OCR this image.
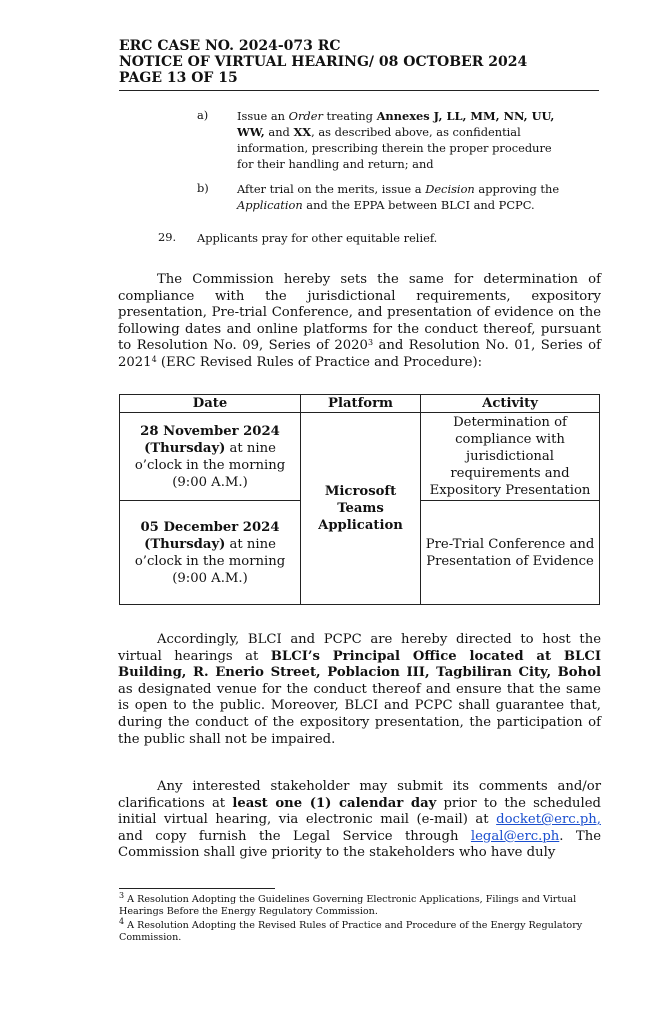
ERC CASE NO. 2024-073 RC
NOTICE OF VIRTUAL HEARING/ 08 OCTOBER 2024
PAGE 13 OF 15
a)	Issue an Order treating Annexes J, LL, MM, NN, UU, WW, and XX, as described above, as confidential information, prescribing therein the proper procedure for their handling and return; and
b) After trial on the merits, issue a Decision approving the Application and the EPPA between BLCI and PCPC.
29. Applicants pray for other equitable relief.

The Commission hereby sets the same for determination of compliance with the jurisdictional requirements, expository presentation, Pre-trial Conference, and presentation of evidence on the following dates and online platforms for the conduct thereof, pursuant to Resolution No. 09, Series of 2020$^3$ and Resolution No. 01, Series of 2021$^4$ (ERC Revised Rules of Practice and Procedure):

Date	Platform	Activity
28 November 2024 (Thursday) at nine o’clock in the morning (9:00 A.M.)	Microsoft Teams Application	Determination of compliance with jurisdictional requirements and Expository Presentation
05 December 2024 (Thursday) at nine o’clock in the morning (9:00 A.M.)		Pre-Trial Conference and Presentation of Evidence

Accordingly, BLCI and PCPC are hereby directed to host the virtual hearings at BLCI’s Principal Office located at BLCI Building, R. Enerio Street, Poblacion III, Tagbiliran City, Bohol as designated venue for the conduct thereof and ensure that the same is open to the public. Moreover, BLCI and PCPC shall guarantee that, during the conduct of the expository presentation, the participation of the public shall not be impaired.

Any interested stakeholder may submit its comments and/or clarifications at least one (1) calendar day prior to the scheduled initial virtual hearing, via electronic mail (e-mail) at docket@erc.ph, and copy furnish the Legal Service through legal@erc.ph. The Commission shall give priority to the stakeholders who have duly

$^3$ A Resolution Adopting the Guidelines Governing Electronic Applications, Filings and Virtual Hearings Before the Energy Regulatory Commission.
$^4$ A Resolution Adopting the Revised Rules of Practice and Procedure of the Energy Regulatory Commission.
